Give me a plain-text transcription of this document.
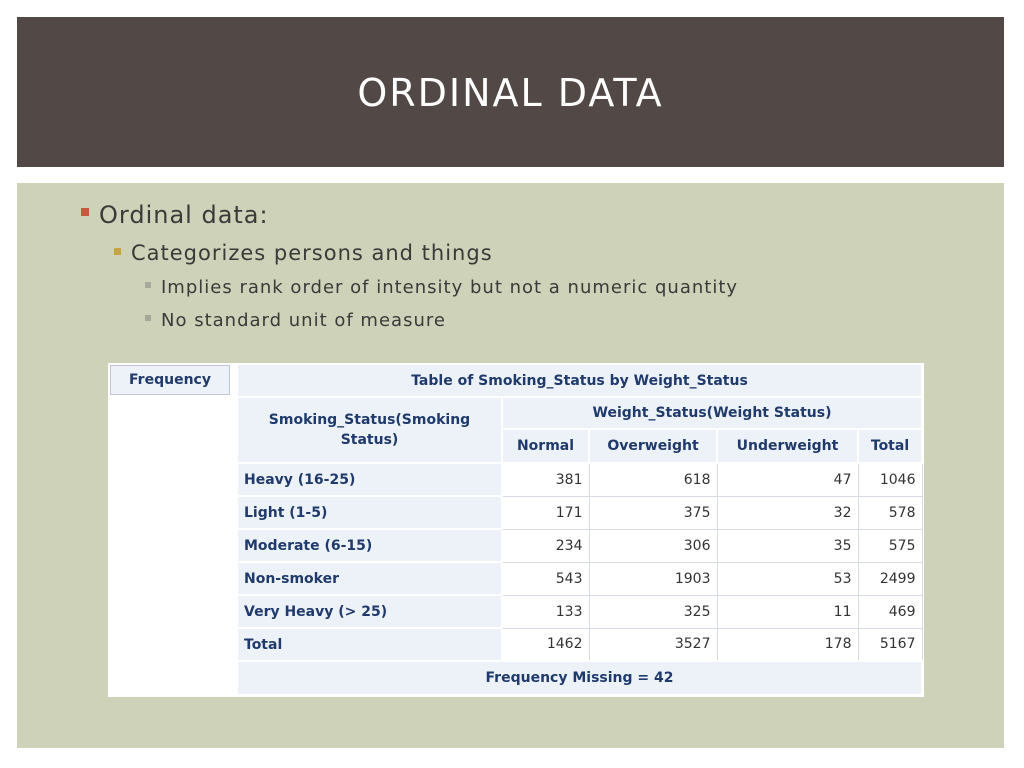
ORDINAL DATA
Ordinal data:
Categorizes persons and things
Implies rank order of intensity but not a numeric quantity
No standard unit of measure
Frequency	Table of Smoking_Status by Weight_Status				
Smoking_Status(Smoking Status)	Weight_Status(Weight Status)			
	Normal	Overweight	Underweight	Total
Heavy (16-25)	381	618	47	1046
Light (1-5)	171	375	32	578
Moderate (6-15)	234	306	35	575
Non-smoker	543	1903	53	2499
Very Heavy (> 25)	133	325	11	469
Total	1462	3527	178	5167
Frequency Missing = 42				
